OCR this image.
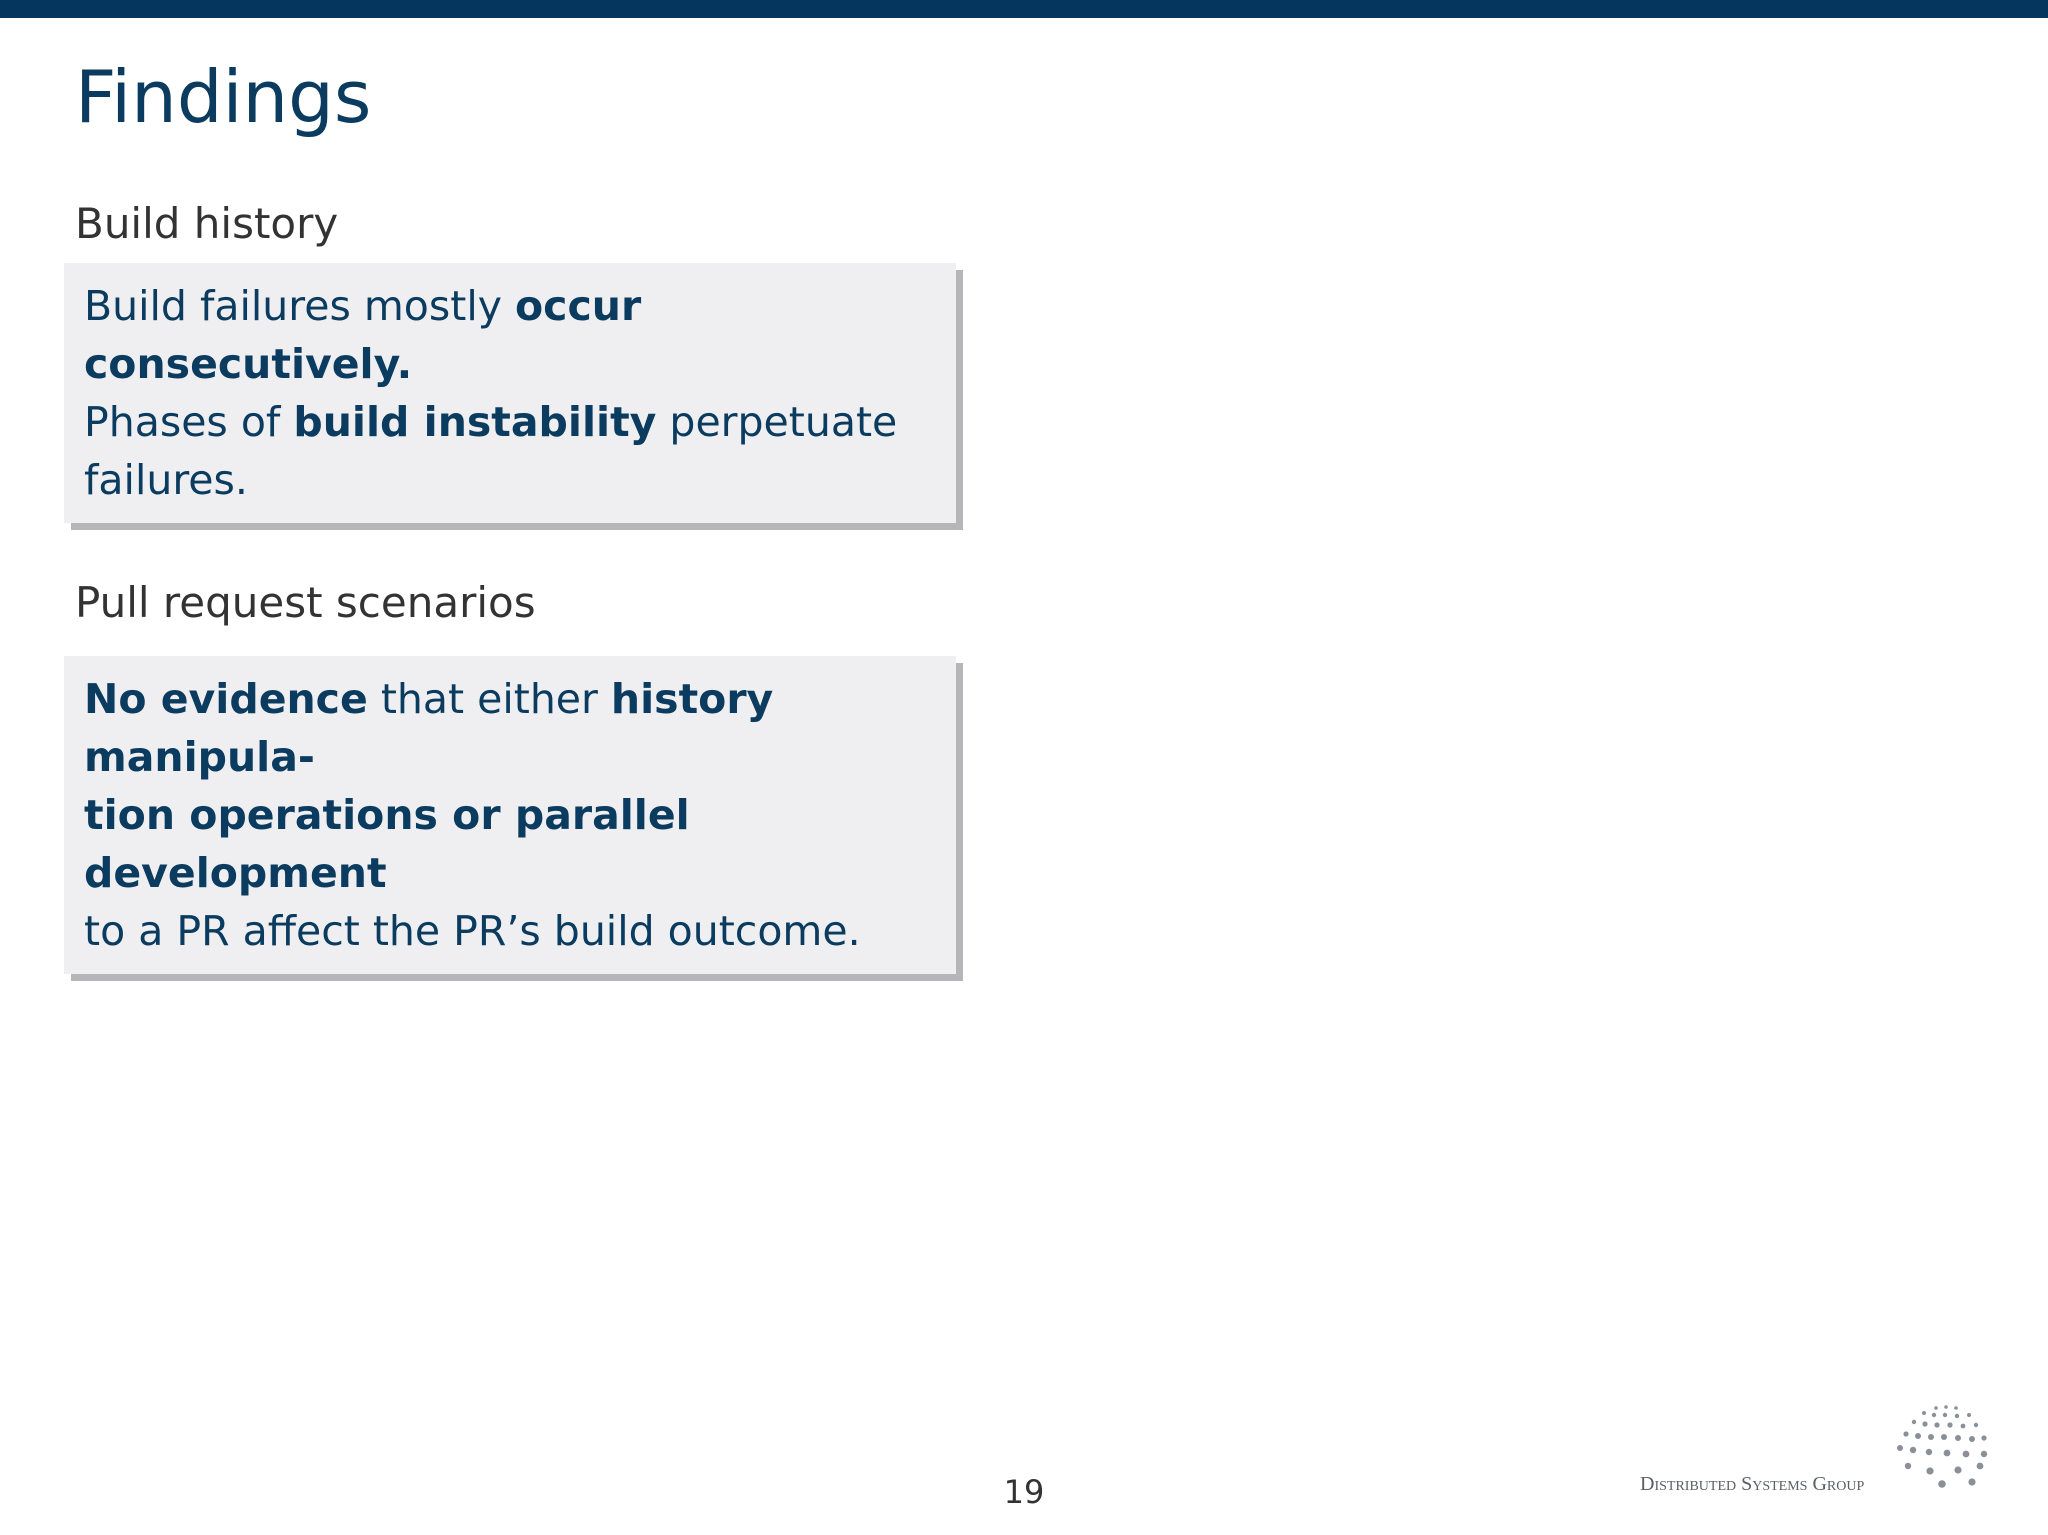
Findings
Build history
Build failures mostly occur consecutively.
Phases of build instability perpetuate
failures.
Pull request scenarios
No evidence that either history manipula-
tion operations or parallel development
to a PR affect the PR’s build outcome.
19	Distributed Systems Group
